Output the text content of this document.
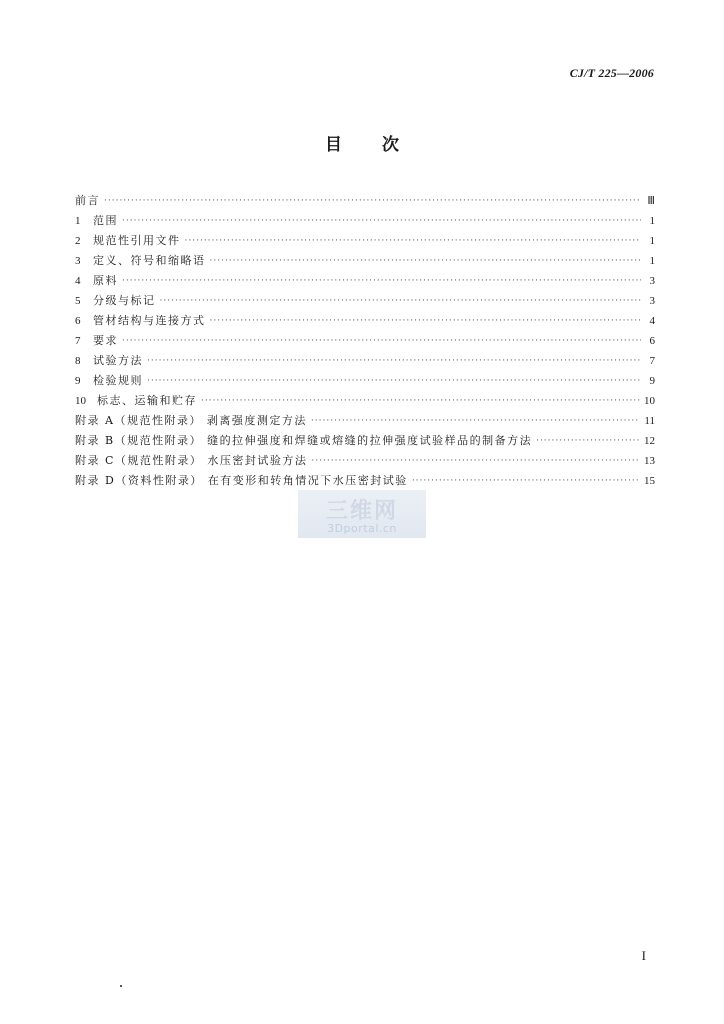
CJ/T 225—2006
目次
前言 ·····	Ⅲ
1	范围 ·····	1
2	规范性引用文件 ·····	1
3	定义、符号和缩略语 ·····	1
4	原料 ·····	3
5	分级与标记 ·····	3
6	管材结构与连接方式 ·····	4
7	要求 ·····	6
8	试验方法 ·····	7
9	检验规则 ·····	9
10	标志、运输和贮存 ·····	10
附录 A（规范性附录） 剥离强度测定方法 ·····	11
附录 B（规范性附录） 缝的拉伸强度和焊缝或熔缝的拉伸强度试验样品的制备方法 ·····	12
附录 C（规范性附录） 水压密封试验方法 ·····	13
附录 D（资料性附录） 在有变形和转角情况下水压密封试验 ·····	15
三维网
3Dportal.cn
I
